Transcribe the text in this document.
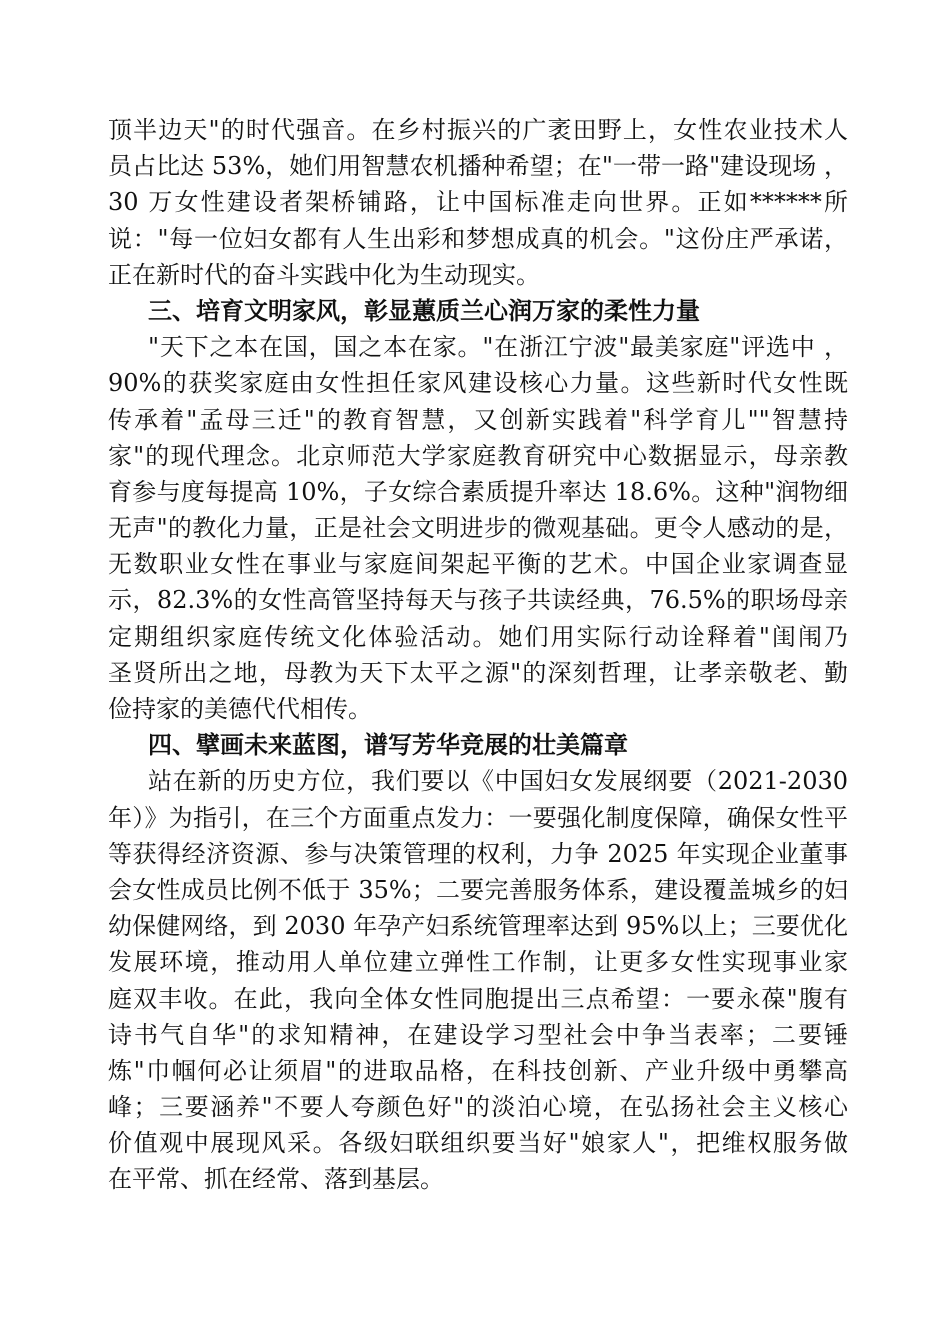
顶半边天"的时代强音。在乡村振兴的广袤田野上，女性农业技术人
员占比达 53%，她们用智慧农机播种希望；在"一带一路"建设现场 ，
30 万女性建设者架桥铺路，让中国标准走向世界。正如******所
说："每一位妇女都有人生出彩和梦想成真的机会。"这份庄严承诺，
正在新时代的奋斗实践中化为生动现实。
三、培育文明家风，彰显蕙质兰心润万家的柔性力量
"天下之本在国，国之本在家。"在浙江宁波"最美家庭"评选中 ，
90%的获奖家庭由女性担任家风建设核心力量。这些新时代女性既
传承着"孟母三迁"的教育智慧，又创新实践着"科学育儿""智慧持
家"的现代理念。北京师范大学家庭教育研究中心数据显示，母亲教
育参与度每提高 10%，子女综合素质提升率达 18.6%。这种"润物细
无声"的教化力量，正是社会文明进步的微观基础。更令人感动的是，
无数职业女性在事业与家庭间架起平衡的艺术。中国企业家调查显
示，82.3%的女性高管坚持每天与孩子共读经典，76.5%的职场母亲
定期组织家庭传统文化体验活动。她们用实际行动诠释着"闺闱乃
圣贤所出之地，母教为天下太平之源"的深刻哲理，让孝亲敬老、勤
俭持家的美德代代相传。
四、擘画未来蓝图，谱写芳华竞展的壮美篇章
站在新的历史方位，我们要以《中国妇女发展纲要（2021-2030
年）》为指引，在三个方面重点发力：一要强化制度保障，确保女性平
等获得经济资源、参与决策管理的权利，力争 2025 年实现企业董事
会女性成员比例不低于 35%；二要完善服务体系，建设覆盖城乡的妇
幼保健网络，到 2030 年孕产妇系统管理率达到 95%以上；三要优化
发展环境，推动用人单位建立弹性工作制，让更多女性实现事业家
庭双丰收。在此，我向全体女性同胞提出三点希望：一要永葆"腹有
诗书气自华"的求知精神，在建设学习型社会中争当表率；二要锤
炼"巾帼何必让须眉"的进取品格，在科技创新、产业升级中勇攀高
峰；三要涵养"不要人夸颜色好"的淡泊心境，在弘扬社会主义核心
价值观中展现风采。各级妇联组织要当好"娘家人"，把维权服务做
在平常、抓在经常、落到基层。
